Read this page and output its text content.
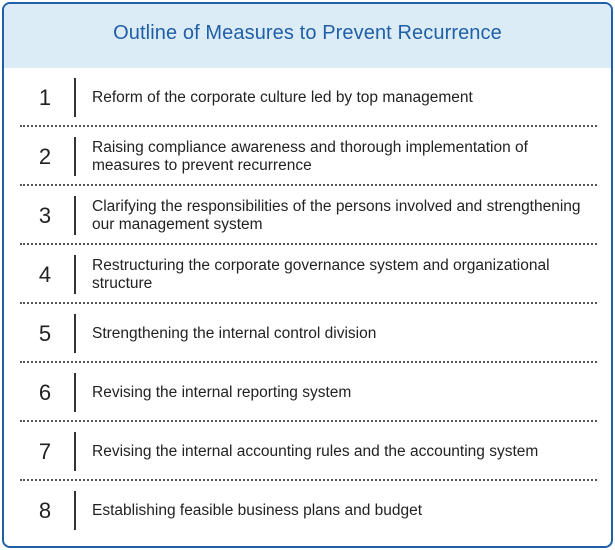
Outline of Measures to Prevent Recurrence
1	Reform of the corporate culture led by top management
2	Raising compliance awareness and thorough implementation of measures to prevent recurrence
3	Clarifying the responsibilities of the persons involved and strengthening our management system
4	Restructuring the corporate governance system and organizational structure
5	Strengthening the internal control division
6	Revising the internal reporting system
7	Revising the internal accounting rules and the accounting system
8	Establishing feasible business plans and budget
